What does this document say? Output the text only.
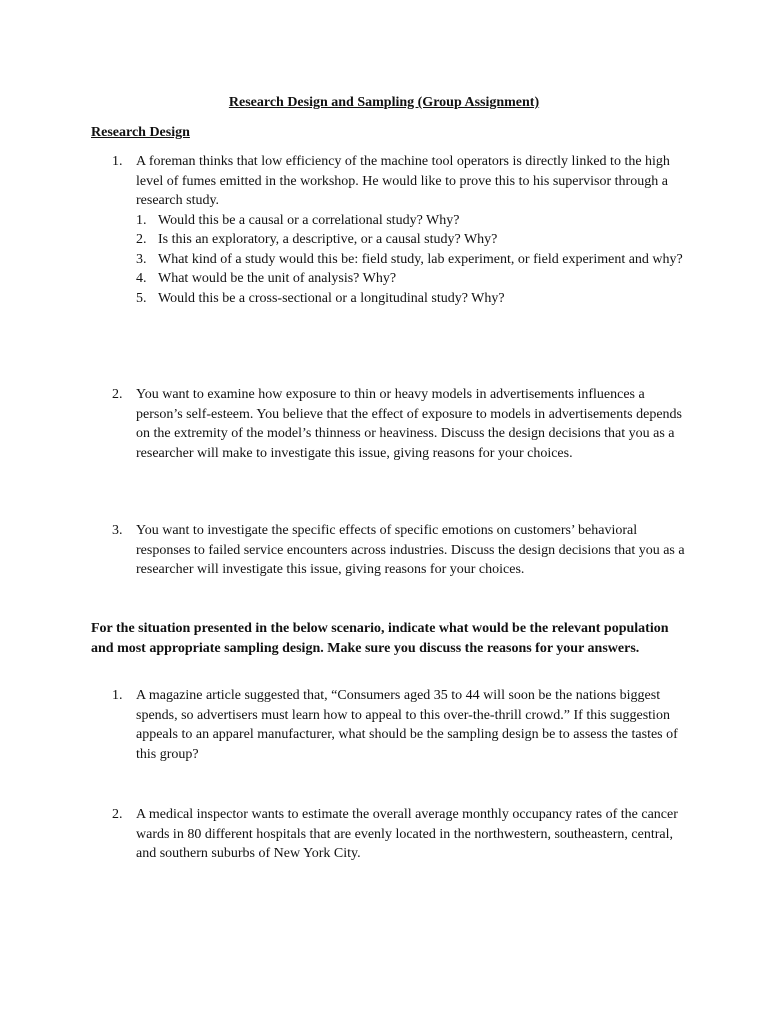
Research Design and Sampling (Group Assignment)

Research Design

1. A foreman thinks that low efficiency of the machine tool operators is directly linked to the high level of fumes emitted in the workshop. He would like to prove this to his supervisor through a research study.
1. Would this be a causal or a correlational study? Why?
2. Is this an exploratory, a descriptive, or a causal study? Why?
3. What kind of a study would this be: field study, lab experiment, or field experiment and why?
4. What would be the unit of analysis? Why?
5. Would this be a cross-sectional or a longitudinal study? Why?
2. You want to examine how exposure to thin or heavy models in advertisements influences a person’s self-esteem. You believe that the effect of exposure to models in advertisements depends on the extremity of the model’s thinness or heaviness. Discuss the design decisions that you as a researcher will make to investigate this issue, giving reasons for your choices.
3. You want to investigate the specific effects of specific emotions on customers’ behavioral responses to failed service encounters across industries. Discuss the design decisions that you as a researcher will investigate this issue, giving reasons for your choices.
For the situation presented in the below scenario, indicate what would be the relevant population and most appropriate sampling design. Make sure you discuss the reasons for your answers.
1. A magazine article suggested that, “Consumers aged 35 to 44 will soon be the nations biggest spends, so advertisers must learn how to appeal to this over-the-thrill crowd.” If this suggestion appeals to an apparel manufacturer, what should be the sampling design be to assess the tastes of this group?
2. A medical inspector wants to estimate the overall average monthly occupancy rates of the cancer wards in 80 different hospitals that are evenly located in the northwestern, southeastern, central, and southern suburbs of New York City.
